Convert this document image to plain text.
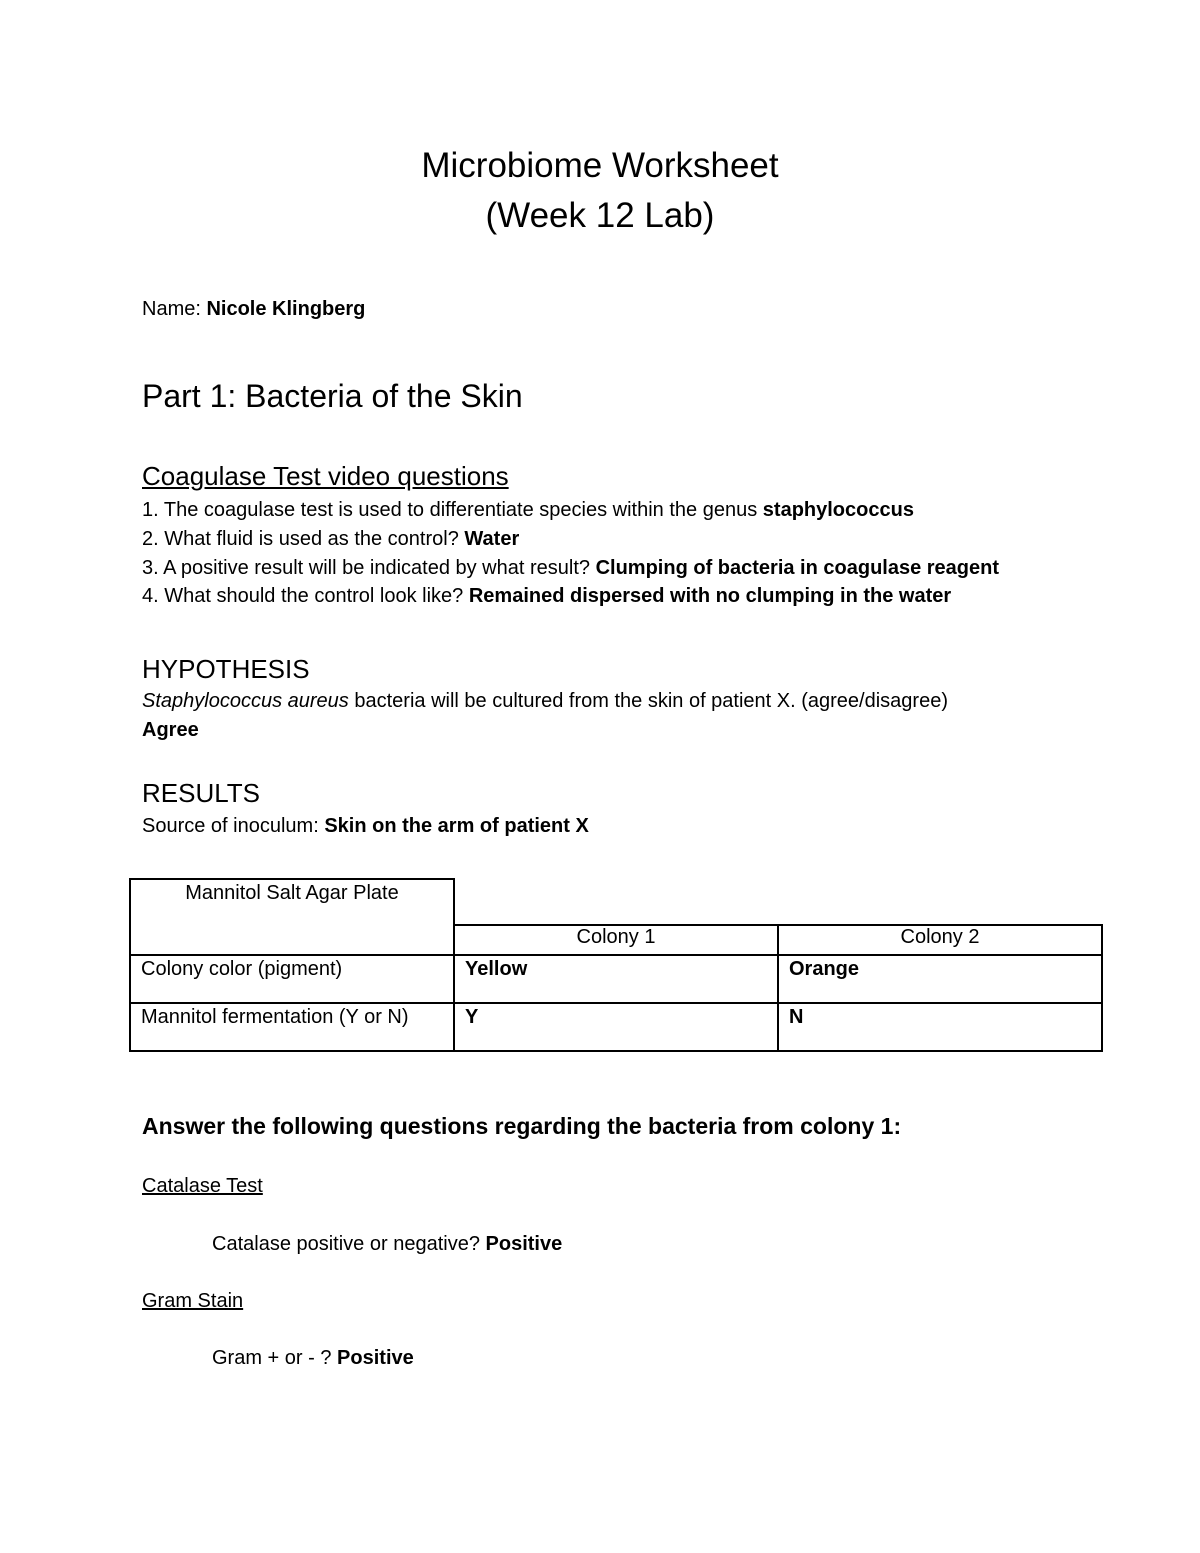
Microbiome Worksheet
(Week 12 Lab)
Name: Nicole Klingberg
Part 1: Bacteria of the Skin
Coagulase Test video questions
1. The coagulase test is used to differentiate species within the genus staphylococcus
2. What fluid is used as the control? Water
3. A positive result will be indicated by what result? Clumping of bacteria in coagulase reagent
4. What should the control look like? Remained dispersed with no clumping in the water
HYPOTHESIS
Staphylococcus aureus bacteria will be cultured from the skin of patient X. (agree/disagree)
Agree
RESULTS
Source of inoculum: Skin on the arm of patient X
Mannitol Salt Agar Plate		
	Colony 1	Colony 2
Colony color (pigment)	Yellow	Orange
Mannitol fermentation (Y or N)	Y	N
Answer the following questions regarding the bacteria from colony 1:
Catalase Test
Catalase positive or negative? Positive
Gram Stain
Gram + or - ? Positive
